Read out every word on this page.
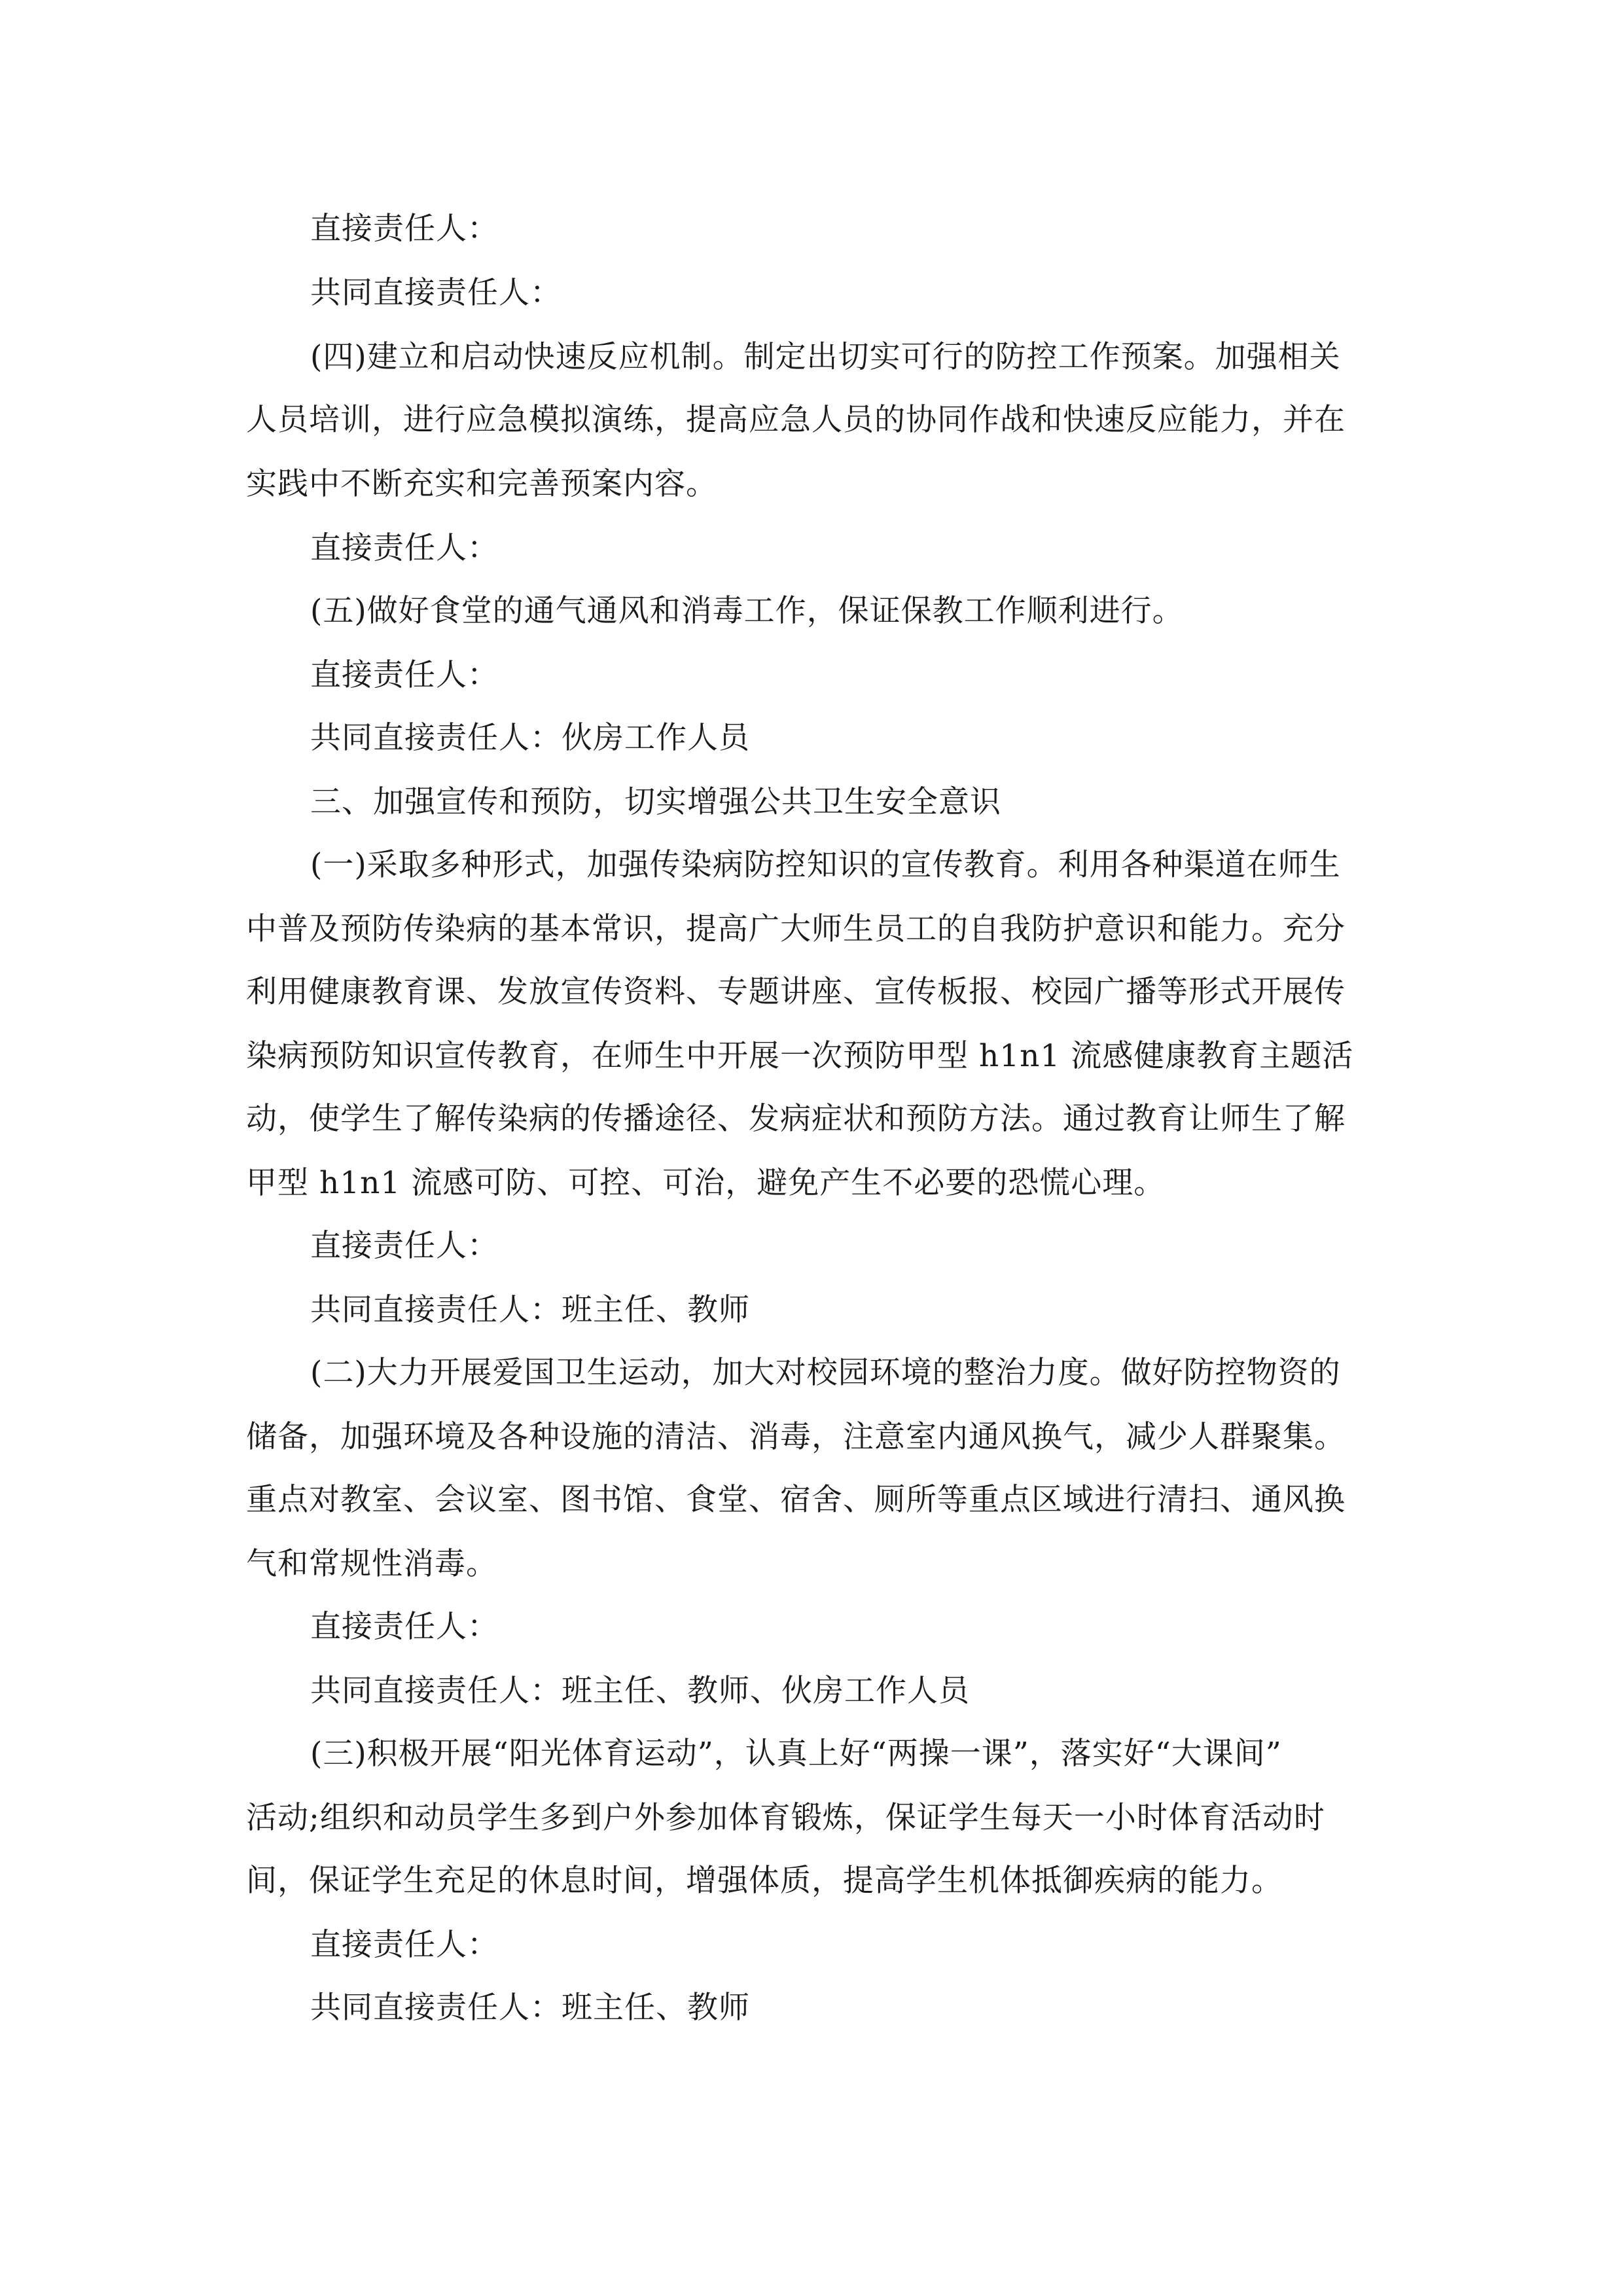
直接责任人：
共同直接责任人：
(四)建立和启动快速反应机制。制定出切实可行的防控工作预案。加强相关
人员培训，进行应急模拟演练，提高应急人员的协同作战和快速反应能力，并在
实践中不断充实和完善预案内容。
直接责任人：
(五)做好食堂的通气通风和消毒工作，保证保教工作顺利进行。
直接责任人：
共同直接责任人：伙房工作人员
三、加强宣传和预防，切实增强公共卫生安全意识
(一)采取多种形式，加强传染病防控知识的宣传教育。利用各种渠道在师生
中普及预防传染病的基本常识，提高广大师生员工的自我防护意识和能力。充分
利用健康教育课、发放宣传资料、专题讲座、宣传板报、校园广播等形式开展传
染病预防知识宣传教育，在师生中开展一次预防甲型 h1n1 流感健康教育主题活
动，使学生了解传染病的传播途径、发病症状和预防方法。通过教育让师生了解
甲型 h1n1 流感可防、可控、可治，避免产生不必要的恐慌心理。
直接责任人：
共同直接责任人：班主任、教师
(二)大力开展爱国卫生运动，加大对校园环境的整治力度。做好防控物资的
储备，加强环境及各种设施的清洁、消毒，注意室内通风换气，减少人群聚集。
重点对教室、会议室、图书馆、食堂、宿舍、厕所等重点区域进行清扫、通风换
气和常规性消毒。
直接责任人：
共同直接责任人：班主任、教师、伙房工作人员
(三)积极开展“阳光体育运动”，认真上好“两操一课”，落实好“大课间”
活动;组织和动员学生多到户外参加体育锻炼，保证学生每天一小时体育活动时
间，保证学生充足的休息时间，增强体质，提高学生机体抵御疾病的能力。
直接责任人：
共同直接责任人：班主任、教师
